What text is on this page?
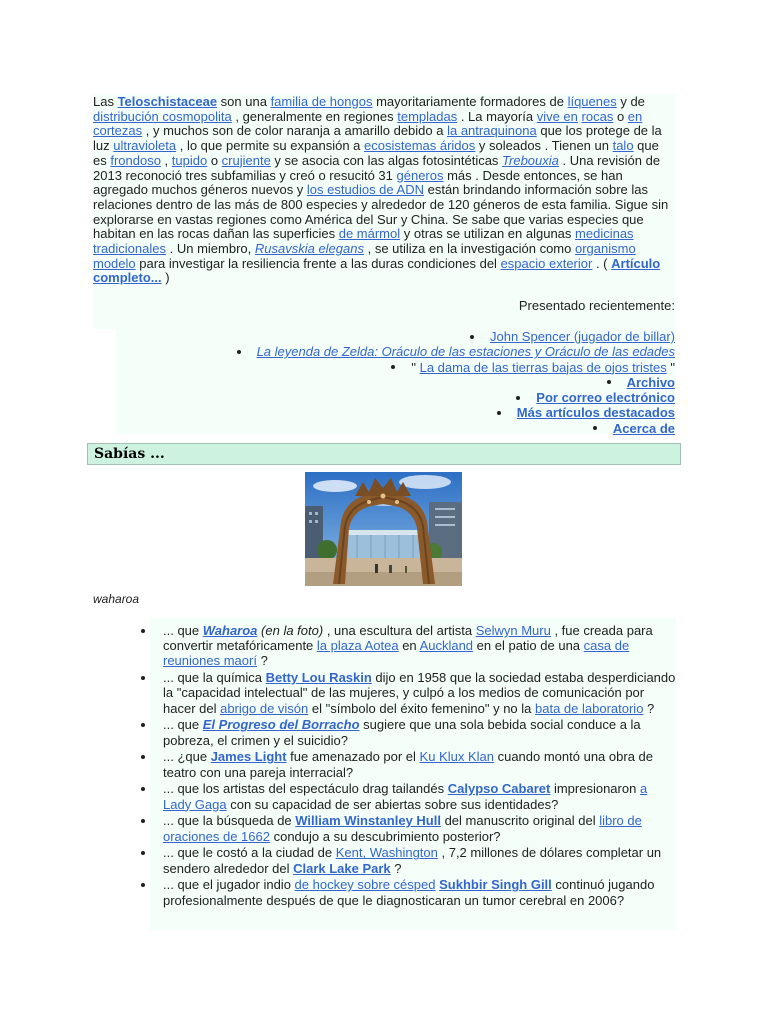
Las Teloschistaceae son una familia de hongos mayoritariamente formadores de líquenes y de distribución cosmopolita , generalmente en regiones templadas . La mayoría vive en rocas o en cortezas , y muchos son de color naranja a amarillo debido a la antraquinona que los protege de la luz ultravioleta , lo que permite su expansión a ecosistemas áridos y soleados . Tienen un talo que es frondoso , tupido o crujiente y se asocia con las algas fotosintéticas Trebouxia . Una revisión de 2013 reconoció tres subfamilias y creó o resucitó 31 géneros más . Desde entonces, se han agregado muchos géneros nuevos y los estudios de ADN están brindando información sobre las relaciones dentro de las más de 800 especies y alrededor de 120 géneros de esta familia. Sigue sin explorarse en vastas regiones como América del Sur y China. Se sabe que varias especies que habitan en las rocas dañan las superficies de mármol y otras se utilizan en algunas medicinas tradicionales . Un miembro, Rusavskia elegans , se utiliza en la investigación como organismo modelo para investigar la resiliencia frente a las duras condiciones del espacio exterior . ( Artículo completo... )

Presentado recientemente:
John Spencer (jugador de billar)
La leyenda de Zelda: Oráculo de las estaciones y Oráculo de las edades
" La dama de las tierras bajas de ojos tristes "
Archivo
Por correo electrónico
Más artículos destacados
Acerca de
Sabías ...
waharoa
... que Waharoa (en la foto) , una escultura del artista Selwyn Muru , fue creada para convertir metafóricamente la plaza Aotea en Auckland en el patio de una casa de reuniones maorí ?
... que la química Betty Lou Raskin dijo en 1958 que la sociedad estaba desperdiciando la "capacidad intelectual" de las mujeres, y culpó a los medios de comunicación por hacer del abrigo de visón el "símbolo del éxito femenino" y no la bata de laboratorio ?
... que El Progreso del Borracho sugiere que una sola bebida social conduce a la pobreza, el crimen y el suicidio?
... ¿que James Light fue amenazado por el Ku Klux Klan cuando montó una obra de teatro con una pareja interracial?
... que los artistas del espectáculo drag tailandés Calypso Cabaret impresionaron a Lady Gaga con su capacidad de ser abiertas sobre sus identidades?
... que la búsqueda de William Winstanley Hull del manuscrito original del libro de oraciones de 1662 condujo a su descubrimiento posterior?
... que le costó a la ciudad de Kent, Washington , 7,2 millones de dólares completar un sendero alrededor del Clark Lake Park ?
... que el jugador indio de hockey sobre césped Sukhbir Singh Gill continuó jugando profesionalmente después de que le diagnosticaran un tumor cerebral en 2006?
